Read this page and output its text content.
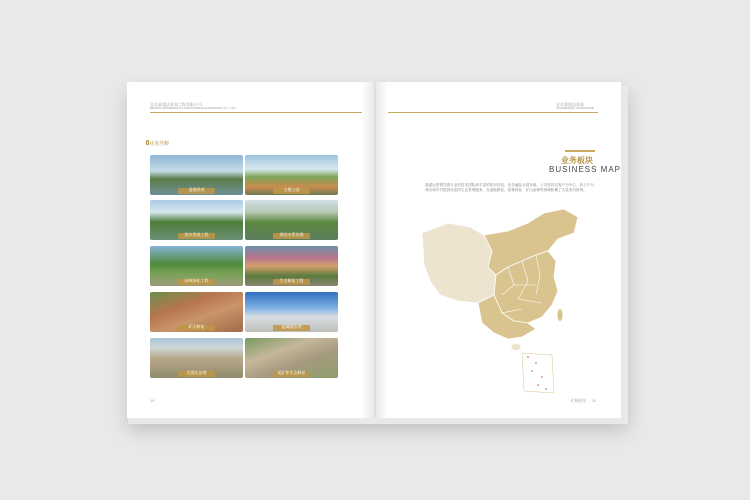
北京嘉盛达景观工程有限公司
BEIJING JIASHENGDA LANDSCAPE ENGINEERING CO., LTD
业务范畴
湿地景观	主题公园
滨水景观工程	湖泊水系治理
园林绿化工程	生态修复工程
矿山修复	盐碱地治理
荒漠化治理	尾矿库生态修复
10
北京嘉盛达景观
JIASHENGDA LANDSCAPE
业务板块
BUSINESS MAP
嘉盛达景观凭借专业的技术团队和丰富的项目经验，业务遍及全国各地。公司坚持以客户为中心，致力于为城市和乡村提供优质的生态景观服务，在湿地修复、园林绿化、矿山治理等领域积累了大量成功案例。
业务板块 11
